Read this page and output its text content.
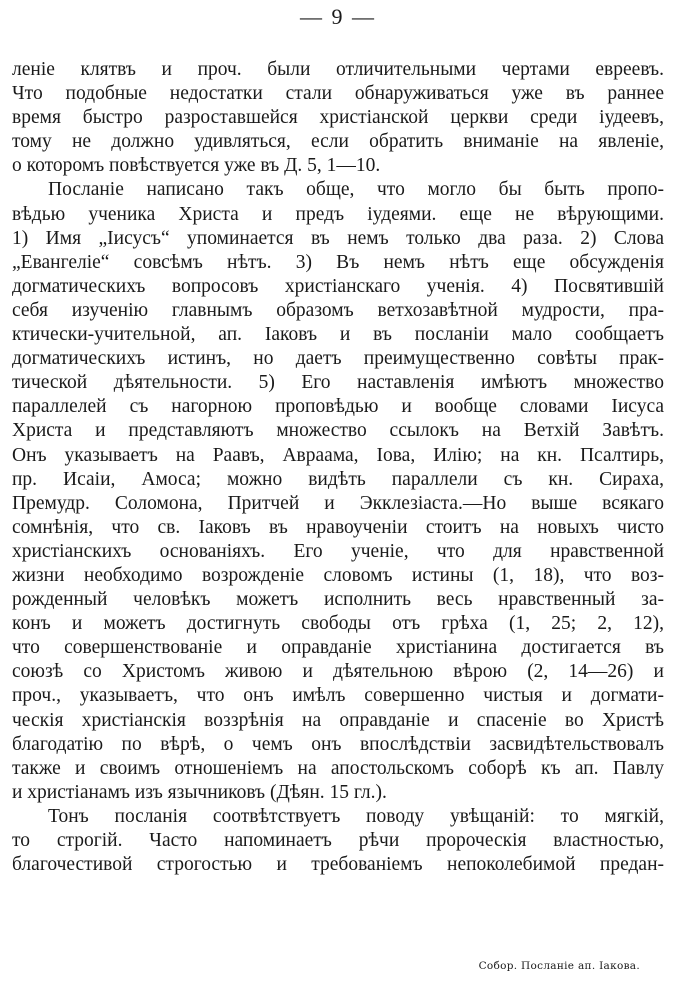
— 9 —
леніе клятвъ и проч. были отличительными чертами евреевъ.
Что подобные недостатки стали обнаруживаться уже въ раннее
время быстро разроставшейся христіанской церкви среди іудеевъ,
тому не должно удивляться, если обратить вниманіе на явленіе,
о которомъ повѣствуется уже въ Д. 5, 1—10.
Посланіе написано такъ обще, что могло бы быть пропо-
вѣдью ученика Христа и предъ іудеями. еще не вѣрующими.
1) Имя „Іисусъ“ упоминается въ немъ только два раза. 2) Слова
„Евангеліе“ совсѣмъ нѣтъ. 3) Въ немъ нѣтъ еще обсужденія
догматическихъ вопросовъ христіанскаго ученія. 4) Посвятившій
себя изученію главнымъ образомъ ветхозавѣтной мудрости, пра-
ктически-учительной, ап. Іаковъ и въ посланіи мало сообщаетъ
догматическихъ истинъ, но даетъ преимущественно совѣты прак-
тической дѣятельности. 5) Его наставленія имѣютъ множество
параллелей съ нагорною проповѣдью и вообще словами Іисуса
Христа и представляютъ множество ссылокъ на Ветхій Завѣтъ.
Онъ указываетъ на Раавъ, Авраама, Іова, Илію; на кн. Псалтирь,
пр. Исаіи, Амоса; можно видѣть параллели съ кн. Сираха,
Премудр. Соломона, Притчей и Экклезіаста.—Но выше всякаго
сомнѣнія, что св. Іаковъ въ нравоученіи стоитъ на новыхъ чисто
христіанскихъ основаніяхъ. Его ученіе, что для нравственной
жизни необходимо возрожденіе словомъ истины (1, 18), что воз-
рожденный человѣкъ можетъ исполнить весь нравственный за-
конъ и можетъ достигнуть свободы отъ грѣха (1, 25; 2, 12),
что совершенствованіе и оправданіе христіанина достигается въ
союзѣ со Христомъ живою и дѣятельною вѣрою (2, 14—26) и
проч., указываетъ, что онъ имѣлъ совершенно чистыя и догмати-
ческія христіанскія воззрѣнія на оправданіе и спасеніе во Христѣ
благодатію по вѣрѣ, о чемъ онъ впослѣдствіи засвидѣтельствовалъ
также и своимъ отношеніемъ на апостольскомъ соборѣ къ ап. Павлу
и христіанамъ изъ язычниковъ (Дѣян. 15 гл.).
Тонъ посланія соотвѣтствуетъ поводу увѣщаній: то мягкій,
то строгій. Часто напоминаетъ рѣчи пророческія властностью,
благочестивой строгостью и требованіемъ непоколебимой предан-
Собор. Посланіе ап. Іакова.
